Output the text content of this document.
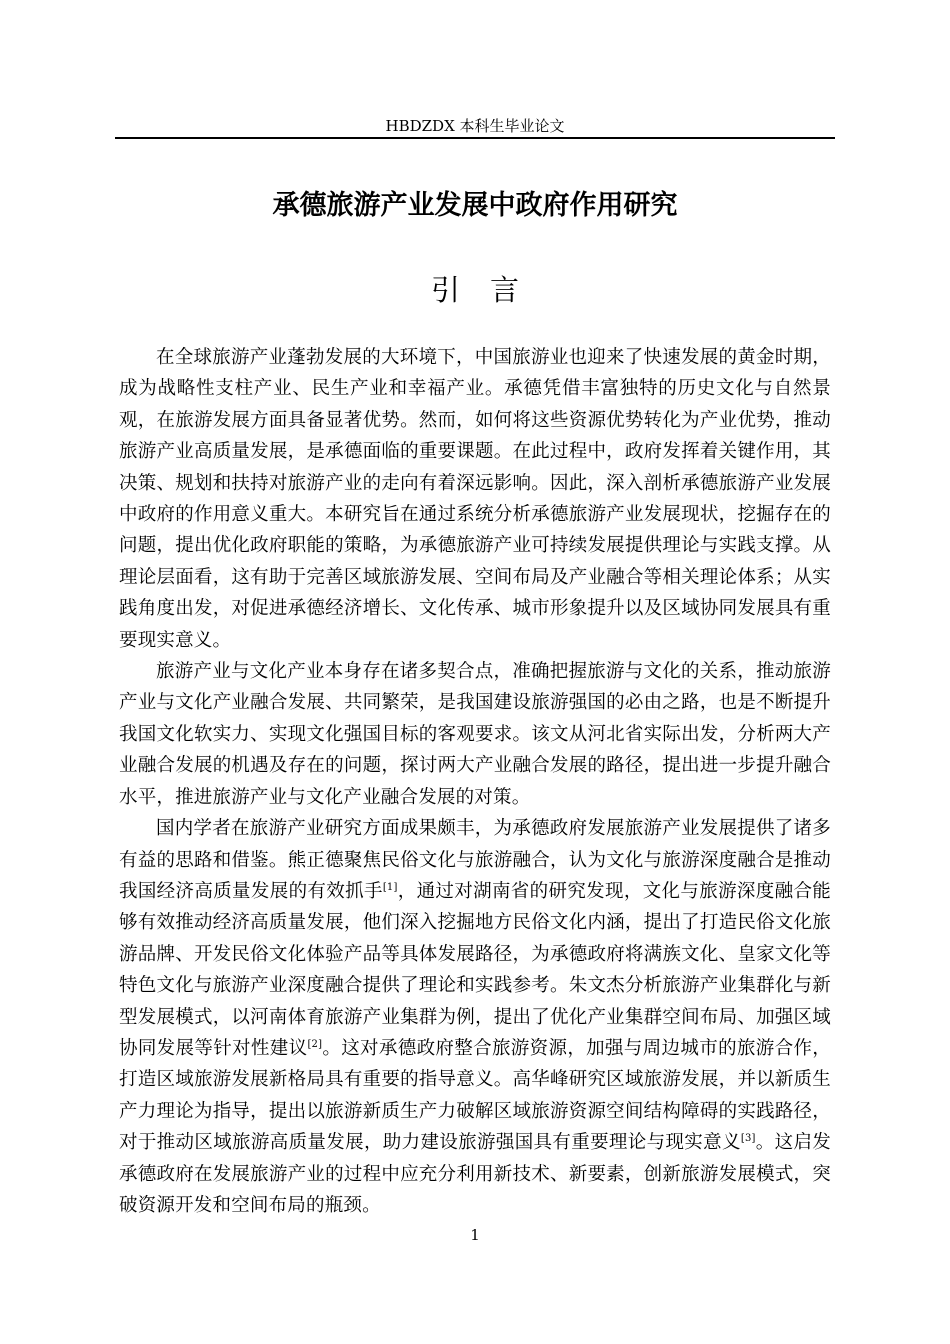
HBDZDX 本科生毕业论文
承德旅游产业发展中政府作用研究
引言

在全球旅游产业蓬勃发展的大环境下，中国旅游业也迎来了快速发展的黄金时期，成为战略性支柱产业、民生产业和幸福产业。承德凭借丰富独特的历史文化与自然景观，在旅游发展方面具备显著优势。然而，如何将这些资源优势转化为产业优势，推动旅游产业高质量发展，是承德面临的重要课题。在此过程中，政府发挥着关键作用，其决策、规划和扶持对旅游产业的走向有着深远影响。因此，深入剖析承德旅游产业发展中政府的作用意义重大。本研究旨在通过系统分析承德旅游产业发展现状，挖掘存在的问题，提出优化政府职能的策略，为承德旅游产业可持续发展提供理论与实践支撑。从理论层面看，这有助于完善区域旅游发展、空间布局及产业融合等相关理论体系；从实践角度出发，对促进承德经济增长、文化传承、城市形象提升以及区域协同发展具有重要现实意义。

旅游产业与文化产业本身存在诸多契合点，准确把握旅游与文化的关系，推动旅游产业与文化产业融合发展、共同繁荣，是我国建设旅游强国的必由之路，也是不断提升我国文化软实力、实现文化强国目标的客观要求。该文从河北省实际出发，分析两大产业融合发展的机遇及存在的问题，探讨两大产业融合发展的路径，提出进一步提升融合水平，推进旅游产业与文化产业融合发展的对策。

国内学者在旅游产业研究方面成果颇丰，为承德政府发展旅游产业发展提供了诸多有益的思路和借鉴。熊正德聚焦民俗文化与旅游融合，认为文化与旅游深度融合是推动我国经济高质量发展的有效抓手[1]，通过对湖南省的研究发现，文化与旅游深度融合能够有效推动经济高质量发展，他们深入挖掘地方民俗文化内涵，提出了打造民俗文化旅游品牌、开发民俗文化体验产品等具体发展路径，为承德政府将满族文化、皇家文化等特色文化与旅游产业深度融合提供了理论和实践参考。朱文杰分析旅游产业集群化与新型发展模式，以河南体育旅游产业集群为例，提出了优化产业集群空间布局、加强区域协同发展等针对性建议[2]。这对承德政府整合旅游资源，加强与周边城市的旅游合作，打造区域旅游发展新格局具有重要的指导意义。高华峰研究区域旅游发展，并以新质生产力理论为指导，提出以旅游新质生产力破解区域旅游资源空间结构障碍的实践路径，对于推动区域旅游高质量发展，助力建设旅游强国具有重要理论与现实意义[3]。这启发承德政府在发展旅游产业的过程中应充分利用新技术、新要素，创新旅游发展模式，突破资源开发和空间布局的瓶颈。

1
